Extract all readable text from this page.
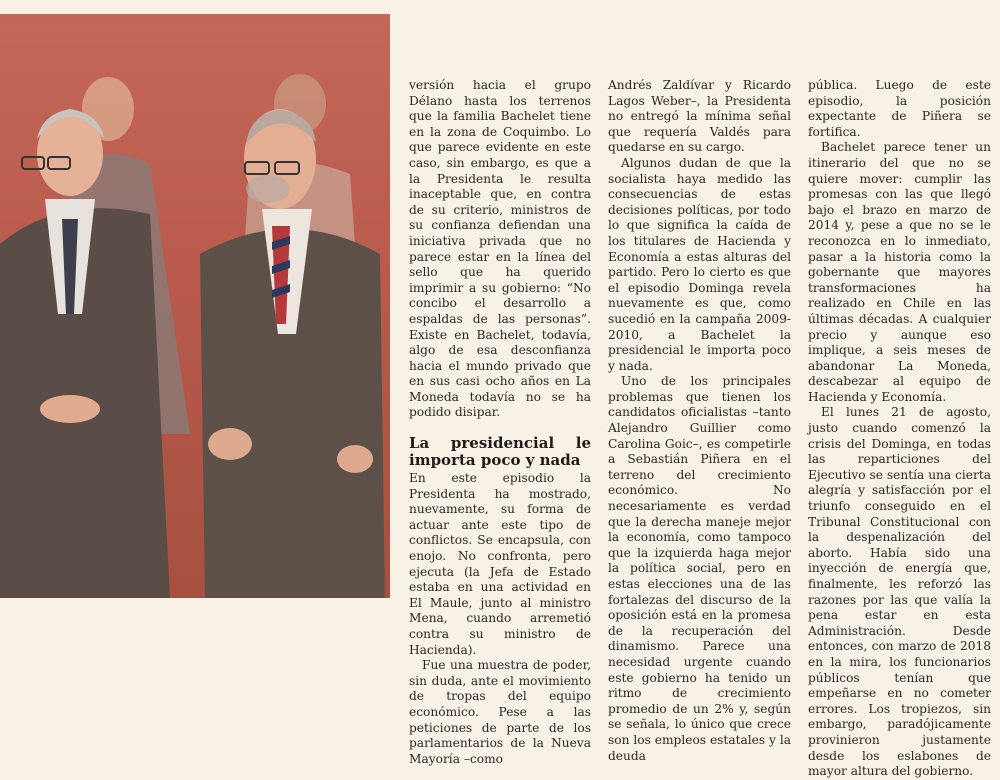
versión hacia el grupo Délano hasta los terrenos que la familia Bachelet tiene en la zona de Coquimbo. Lo que parece evidente en este caso, sin embargo, es que a la Presidenta le resulta inaceptable que, en contra de su criterio, ministros de su confianza defiendan una iniciativa privada que no parece estar en la línea del sello que ha querido imprimir a su gobierno: “No concibo el desarrollo a espaldas de las personas”. Existe en Bachelet, todavía, algo de esa desconfianza hacia el mundo privado que en sus casi ocho años en La Moneda todavía no se ha podido disipar.

La presidencial le importa poco y nada

En este episodio la Presidenta ha mostrado, nuevamente, su forma de actuar ante este tipo de conflictos. Se encapsula, con enojo. No confronta, pero ejecuta (la Jefa de Estado estaba en una actividad en El Maule, junto al ministro Mena, cuando arremetió contra su ministro de Hacienda).

Fue una muestra de poder, sin duda, ante el movimiento de tropas del equipo económico. Pese a las peticiones de parte de los parlamentarios de la Nueva Mayoría –como

Andrés Zaldívar y Ricardo Lagos Weber–, la Presidenta no entregó la mínima señal que requería Valdés para quedarse en su cargo.

Algunos dudan de que la socialista haya medido las consecuencias de estas decisiones políticas, por todo lo que significa la caída de los titulares de Hacienda y Economía a estas alturas del partido. Pero lo cierto es que el episodio Dominga revela nuevamente es que, como sucedió en la campaña 2009-2010, a Bachelet la presidencial le importa poco y nada.

Uno de los principales problemas que tienen los candidatos oficialistas –tanto Alejandro Guillier como Carolina Goic–, es competirle a Sebastián Piñera en el terreno del crecimiento económico. No necesariamente es verdad que la derecha maneje mejor la economía, como tampoco que la izquierda haga mejor la política social, pero en estas elecciones una de las fortalezas del discurso de la oposición está en la promesa de la recuperación del dinamismo. Parece una necesidad urgente cuando este gobierno ha tenido un ritmo de crecimiento promedio de un 2% y, según se señala, lo único que crece son los empleos estatales y la deuda

pública. Luego de este episodio, la posición expectante de Piñera se fortifica.

Bachelet parece tener un itinerario del que no se quiere mover: cumplir las promesas con las que llegó bajo el brazo en marzo de 2014 y, pese a que no se le reconozca en lo inmediato, pasar a la historia como la gobernante que mayores transformaciones ha realizado en Chile en las últimas décadas. A cualquier precio y aunque eso implique, a seis meses de abandonar La Moneda, descabezar al equipo de Hacienda y Economía.

El lunes 21 de agosto, justo cuando comenzó la crisis del Dominga, en todas las reparticiones del Ejecutivo se sentía una cierta alegría y satisfacción por el triunfo conseguido en el Tribunal Constitucional con la despenalización del aborto. Había sido una inyección de energía que, finalmente, les reforzó las razones por las que valía la pena estar en esta Administración. Desde entonces, con marzo de 2018 en la mira, los funcionarios públicos tenían que empeñarse en no cometer errores. Los tropiezos, sin embargo, paradójicamente provinieron justamente desde los eslabones de mayor altura del gobierno.
